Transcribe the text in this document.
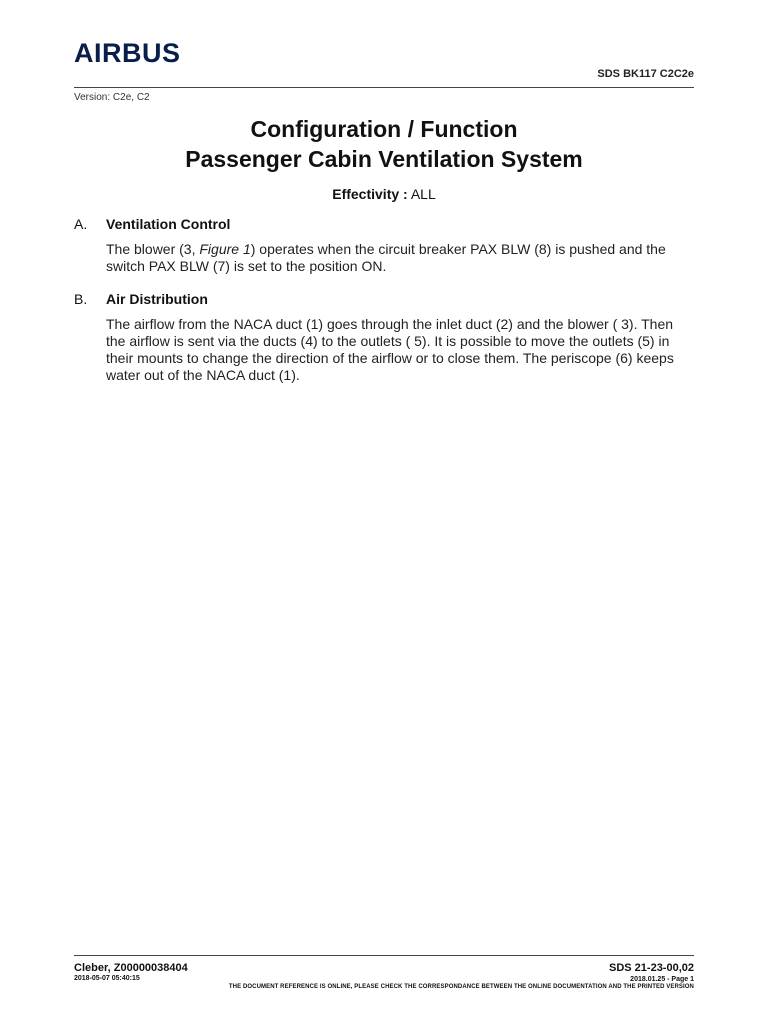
AIRBUS
SDS BK117 C2C2e
Version: C2e, C2
Configuration / Function
Passenger Cabin Ventilation System
Effectivity : ALL
A. Ventilation Control
The blower (3, Figure 1) operates when the circuit breaker PAX BLW (8) is pushed and the switch PAX BLW (7) is set to the position ON.
B. Air Distribution
The airflow from the NACA duct (1) goes through the inlet duct (2) and the blower ( 3). Then the airflow is sent via the ducts (4) to the outlets ( 5). It is possible to move the outlets (5) in their mounts to change the direction of the airflow or to close them. The periscope (6) keeps water out of the NACA duct (1).
Cleber, Z00000038404	SDS 21-23-00,02
2018-05-07 05:40:15	2018.01.25 - Page 1
THE DOCUMENT REFERENCE IS ONLINE, PLEASE CHECK THE CORRESPONDANCE BETWEEN THE ONLINE DOCUMENTATION AND THE PRINTED VERSION
